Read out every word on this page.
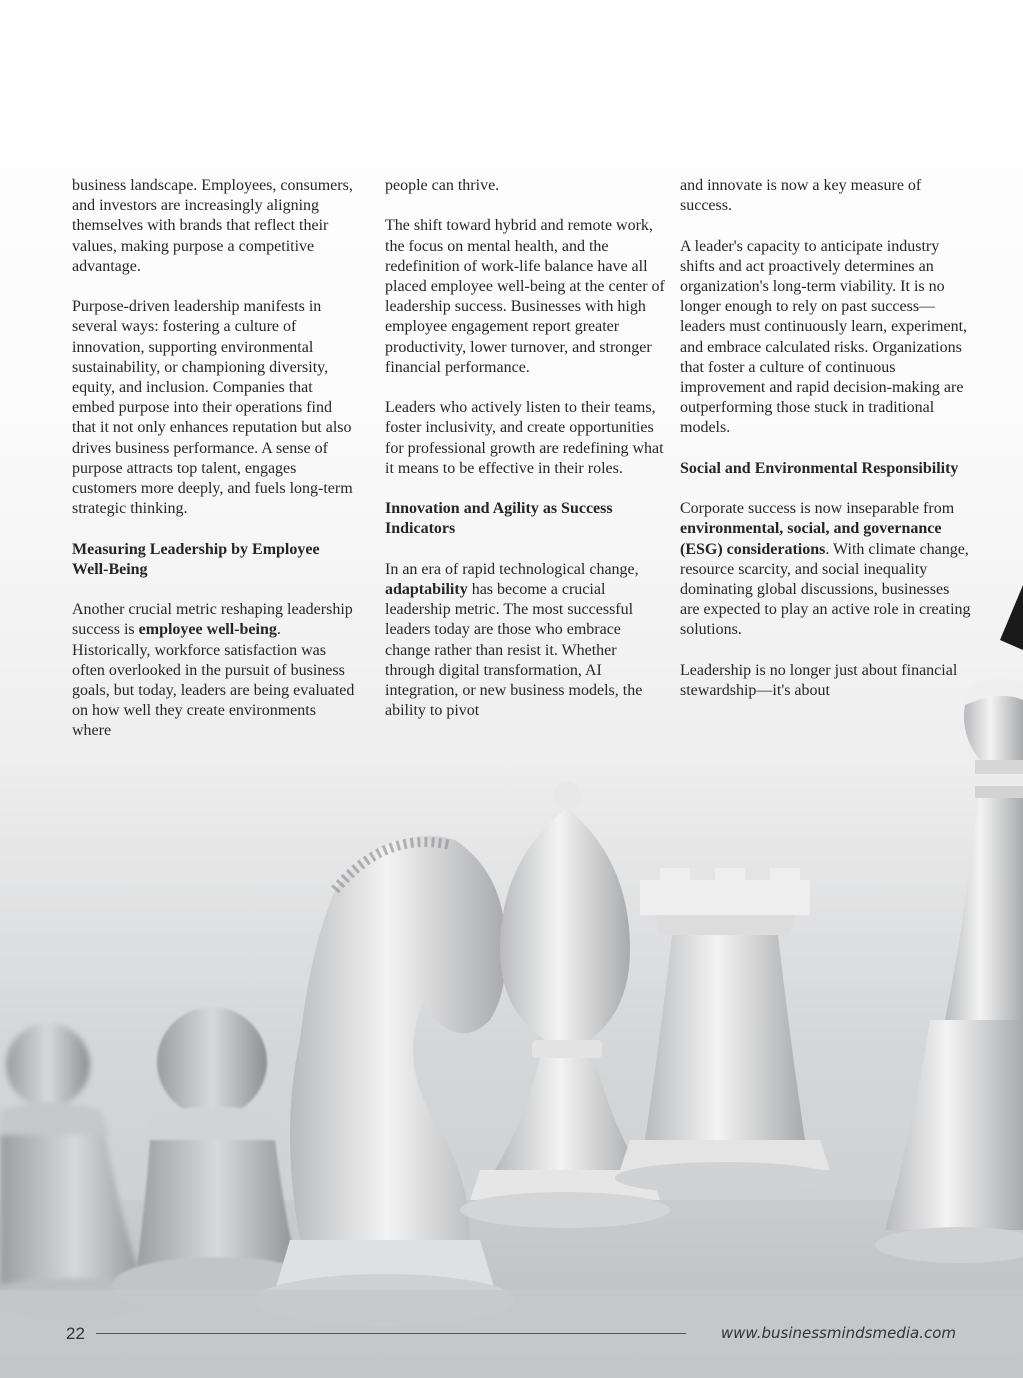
business landscape. Employees, consumers, and investors are increasingly aligning themselves with brands that reflect their values, making purpose a competitive advantage.

Purpose-driven leadership manifests in several ways: fostering a culture of innovation, supporting environmental sustainability, or championing diversity, equity, and inclusion. Companies that embed purpose into their operations find that it not only enhances reputation but also drives business performance. A sense of purpose attracts top talent, engages customers more deeply, and fuels long-term strategic thinking.

Measuring Leadership by Employee Well-Being

Another crucial metric reshaping leadership success is employee well-being. Historically, workforce satisfaction was often overlooked in the pursuit of business goals, but today, leaders are being evaluated on how well they create environments where

people can thrive.

The shift toward hybrid and remote work, the focus on mental health, and the redefinition of work-life balance have all placed employee well-being at the center of leadership success. Businesses with high employee engagement report greater productivity, lower turnover, and stronger financial performance.

Leaders who actively listen to their teams, foster inclusivity, and create opportunities for professional growth are redefining what it means to be effective in their roles.

Innovation and Agility as Success Indicators

In an era of rapid technological change, adaptability has become a crucial leadership metric. The most successful leaders today are those who embrace change rather than resist it. Whether through digital transformation, AI integration, or new business models, the ability to pivot

and innovate is now a key measure of success.

A leader's capacity to anticipate industry shifts and act proactively determines an organization's long-term viability. It is no longer enough to rely on past success—leaders must continuously learn, experiment, and embrace calculated risks. Organizations that foster a culture of continuous improvement and rapid decision-making are outperforming those stuck in traditional models.

Social and Environmental Responsibility

Corporate success is now inseparable from environmental, social, and governance (ESG) considerations. With climate change, resource scarcity, and social inequality dominating global discussions, businesses are expected to play an active role in creating solutions.

Leadership is no longer just about financial stewardship—it's about

22	www.businessmindsmedia.com
